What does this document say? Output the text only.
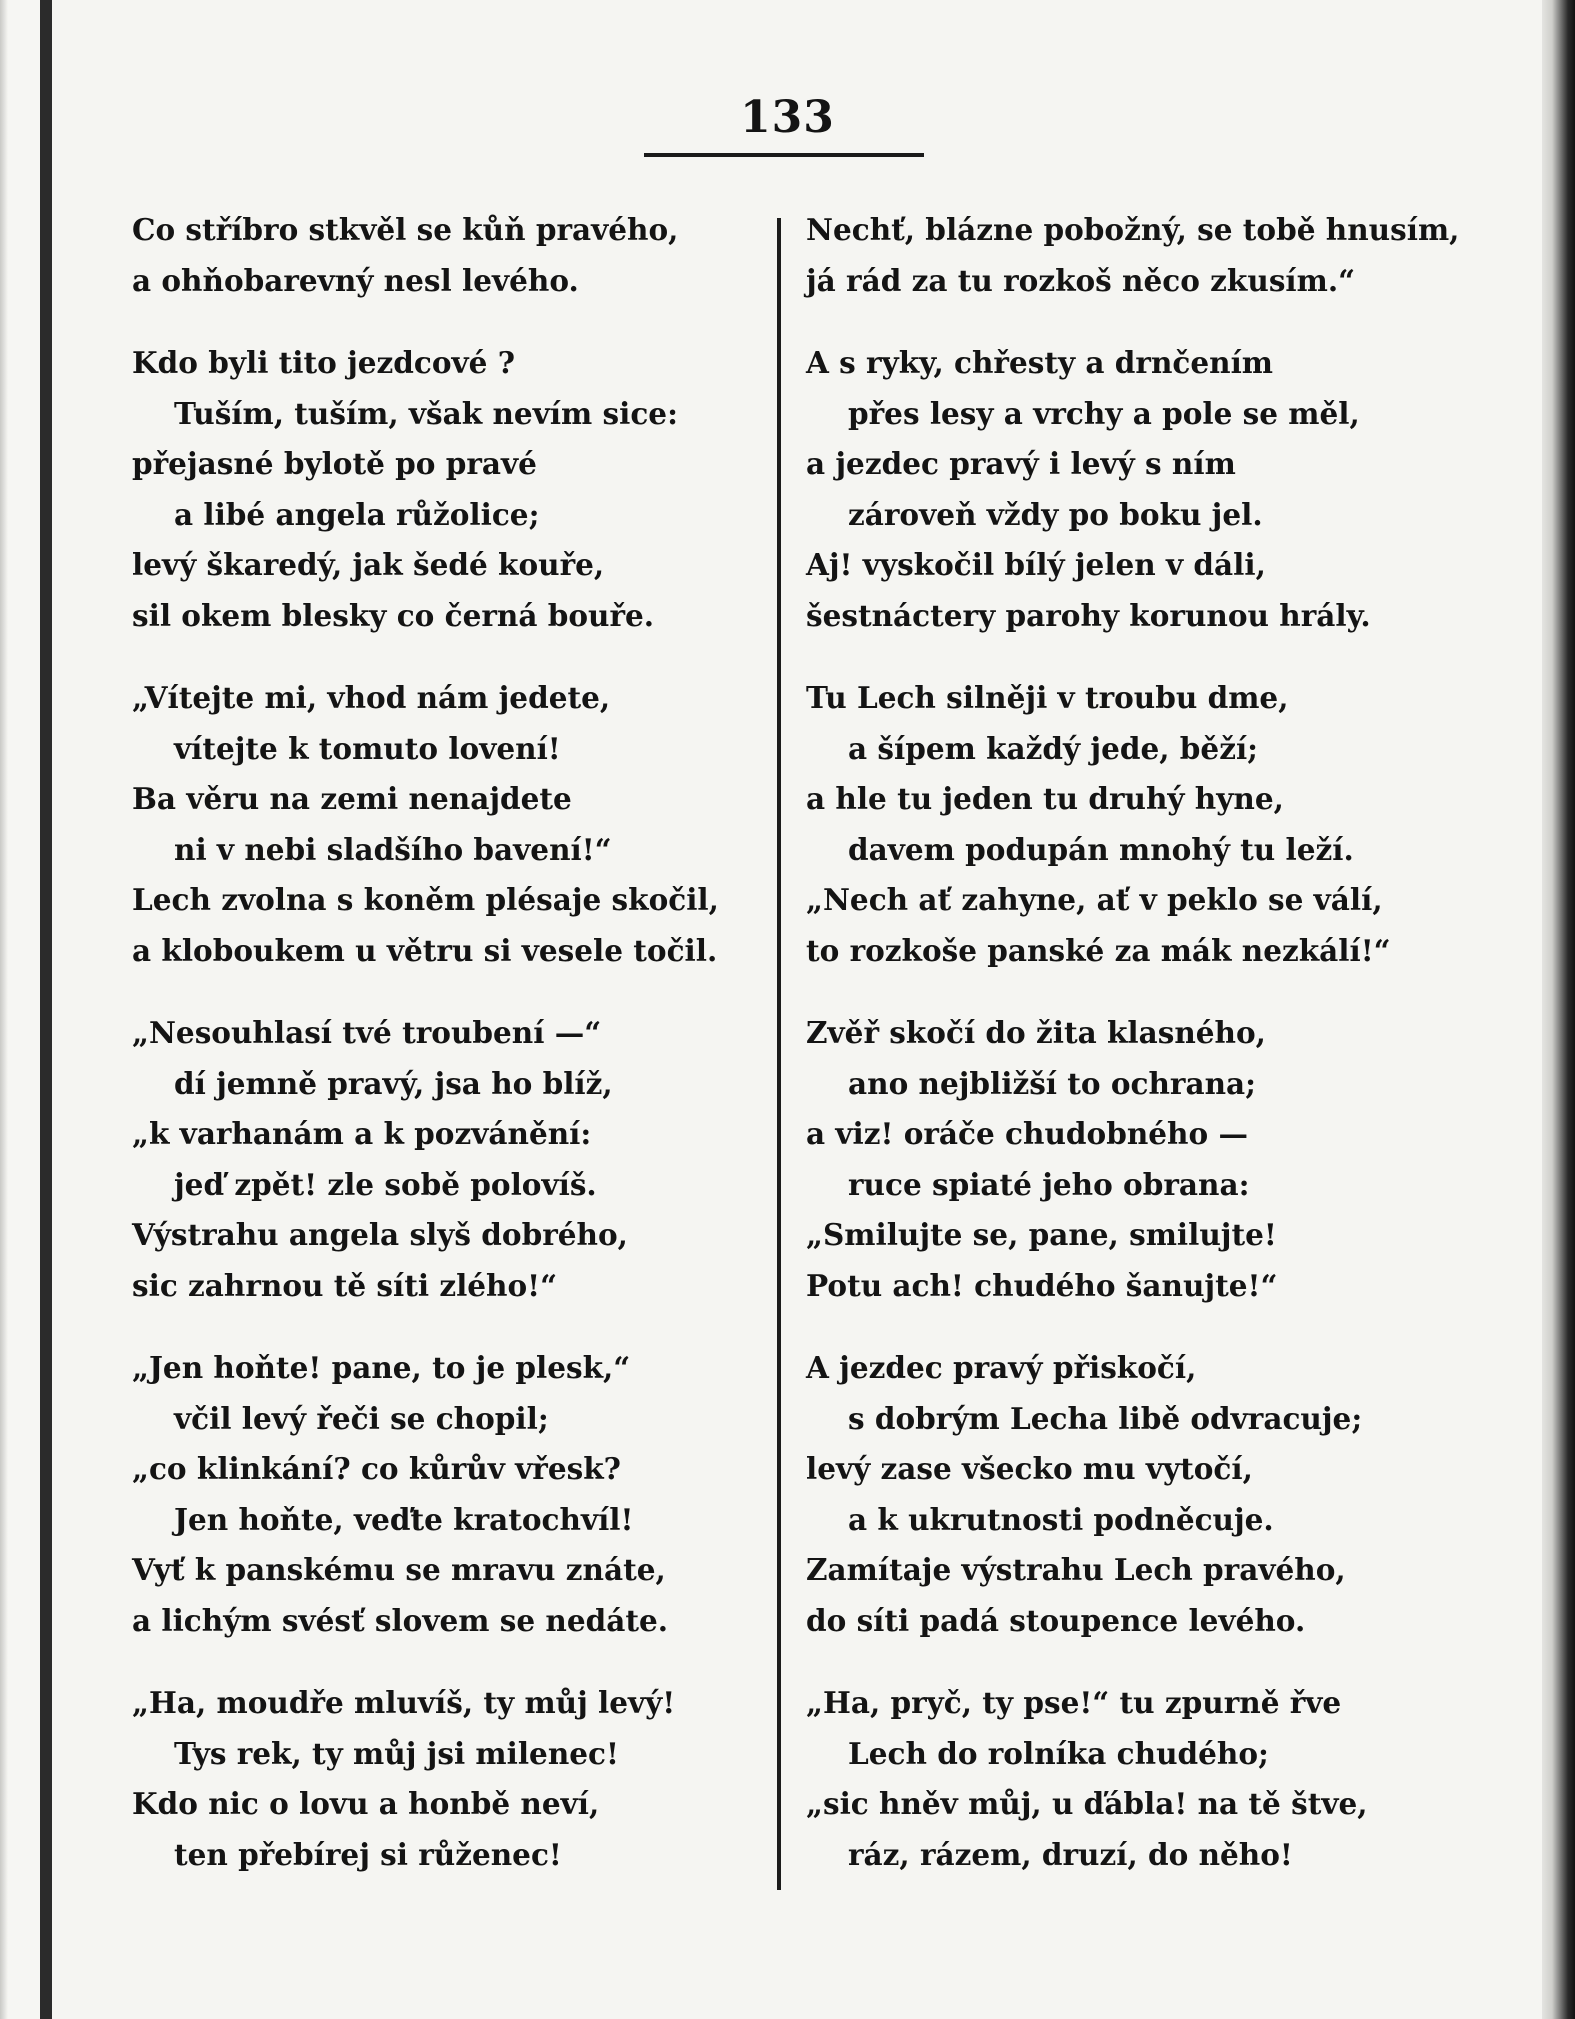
133
Co stříbro stkvěl se kůň pravého,
a ohňobarevný nesl levého.
Kdo byli tito jezdcové ?
Tuším, tuším, však nevím sice:
přejasné bylotě po pravé
a libé angela růžolice;
levý škaredý, jak šedé kouře,
sil okem blesky co černá bouře.
„Vítejte mi, vhod nám jedete,
vítejte k tomuto lovení!
Ba věru na zemi nenajdete
ni v nebi sladšího bavení!“
Lech zvolna s koněm plésaje skočil,
a kloboukem u větru si vesele točil.
„Nesouhlasí tvé troubení —“
dí jemně pravý, jsa ho blíž,
„k varhanám a k pozvánění:
jeď zpět! zle sobě polovíš.
Výstrahu angela slyš dobrého,
sic zahrnou tě síti zlého!“
„Jen hoňte! pane, to je plesk,“
včil levý řeči se chopil;
„co klinkání? co kůrův vřesk?
Jen hoňte, veďte kratochvíl!
Vyť k panskému se mravu znáte,
a lichým svésť slovem se nedáte.
„Ha, moudře mluvíš, ty můj levý!
Tys rek, ty můj jsi milenec!
Kdo nic o lovu a honbě neví,
ten přebírej si růženec!
Nechť, blázne pobožný, se tobě hnusím,
já rád za tu rozkoš něco zkusím.“
A s ryky, chřesty a drnčením
přes lesy a vrchy a pole se měl,
a jezdec pravý i levý s ním
zároveň vždy po boku jel.
Aj! vyskočil bílý jelen v dáli,
šestnáctery parohy korunou hrály.
Tu Lech silněji v troubu dme,
a šípem každý jede, běží;
a hle tu jeden tu druhý hyne,
davem podupán mnohý tu leží.
„Nech ať zahyne, ať v peklo se válí,
to rozkoše panské za mák nezkálí!“
Zvěř skočí do žita klasného,
ano nejbližší to ochrana;
a viz! oráče chudobného —
ruce spiaté jeho obrana:
„Smilujte se, pane, smilujte!
Potu ach! chudého šanujte!“
A jezdec pravý přiskočí,
s dobrým Lecha libě odvracuje;
levý zase všecko mu vytočí,
a k ukrutnosti podněcuje.
Zamítaje výstrahu Lech pravého,
do síti padá stoupence levého.
„Ha, pryč, ty pse!“ tu zpurně řve
Lech do rolníka chudého;
„sic hněv můj, u ďábla! na tě štve,
ráz, rázem, druzí, do něho!
